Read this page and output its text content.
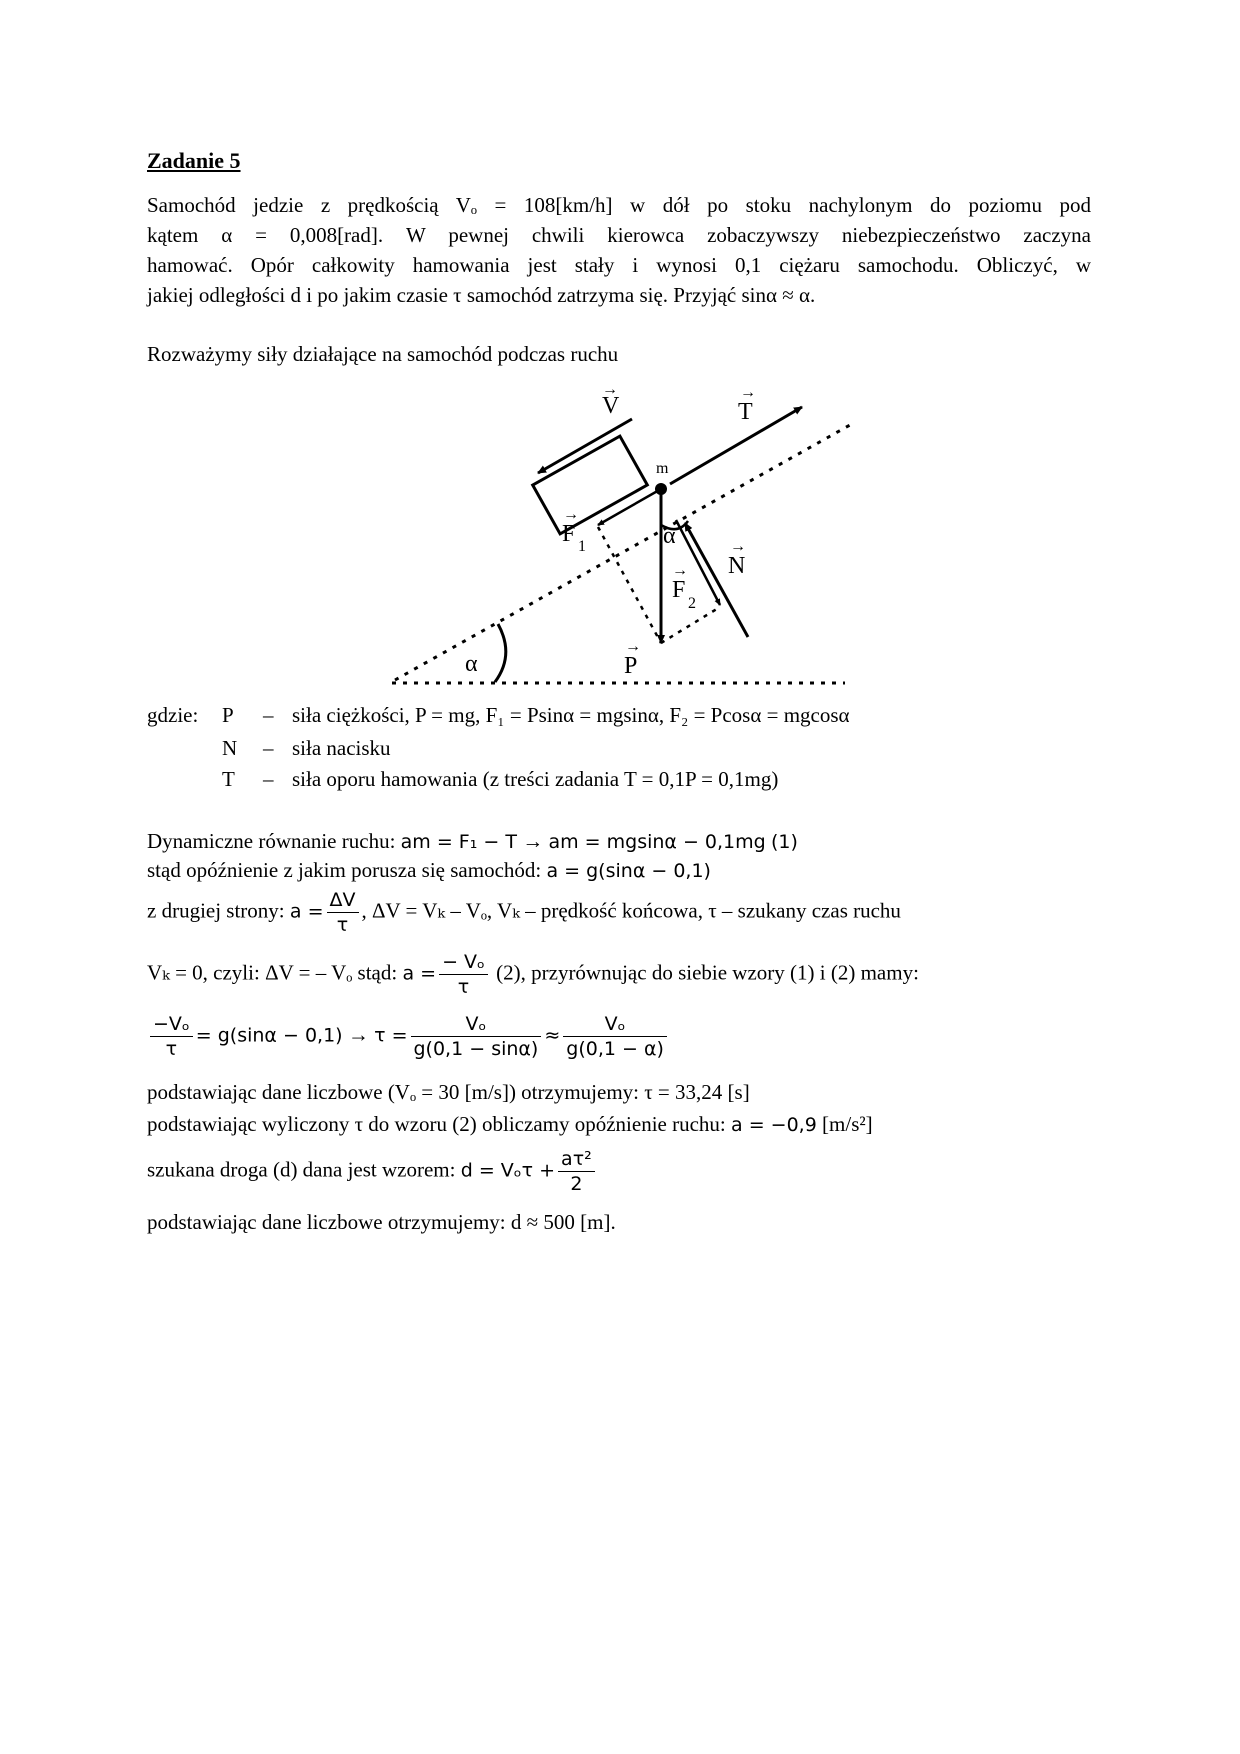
Zadanie 5
Samochód jedzie z prędkością Vₒ = 108[km/h] w dół po stoku nachylonym do poziomu pod
kątem α = 0,008[rad]. W pewnej chwili kierowca zobaczywszy niebezpieczeństwo zaczyna
hamować. Opór całkowity hamowania jest stały i wynosi 0,1 ciężaru samochodu. Obliczyć, w
jakiej odległości d i po jakim czasie τ samochód zatrzyma się. Przyjąć sinα ≈ α.
Rozważymy siły działające na samochód podczas ruchu
α
m
V
→
T
→
F 1
→
P
→
F
2
→ N
→
α
gdzie: P – siła ciężkości, P = mg, F₁ = Psinα = mgsinα, F₂ = Pcosα = mgcosα
N – siła nacisku
T – siła oporu hamowania (z treści zadania T = 0,1P = 0,1mg)
Dynamiczne równanie ruchu: am = F₁ − T → am = mgsinα − 0,1mg (1)
stąd opóźnienie z jakim porusza się samochód: a = g(sinα − 0,1)
z drugiej strony: $a = \frac{\Delta V}{\tau}$ , ΔV = Vₖ – Vₒ, Vₖ – prędkość końcowa, τ – szukany czas ruchu
Vₖ = 0, czyli: ΔV = – Vₒ stąd: $a = \frac{\text{− Vₒ}}{\tau} (2)$, przyrównując do siebie wzory (1) i (2) mamy:
$\frac{\text{−Vₒ}}{\tau} = g(\sin\alpha - 0,1) \to \tau = \frac{\text{Vₒ}}{g(0,1 - \sin\alpha)} \approx \frac{\text{Vₒ}}{g(0,1 - \alpha)}$
podstawiając dane liczbowe (Vₒ = 30 [m/s]) otrzymujemy: τ = 33,24 [s]
podstawiając wyliczony τ do wzoru (2) obliczamy opóźnienie ruchu: a = −0,9 [m/s²]
szukana droga (d) dana jest wzorem: $d = V_o\tau + \frac{\text{aτ²}}{2}$
podstawiając dane liczbowe otrzymujemy: d ≈ 500 [m].
